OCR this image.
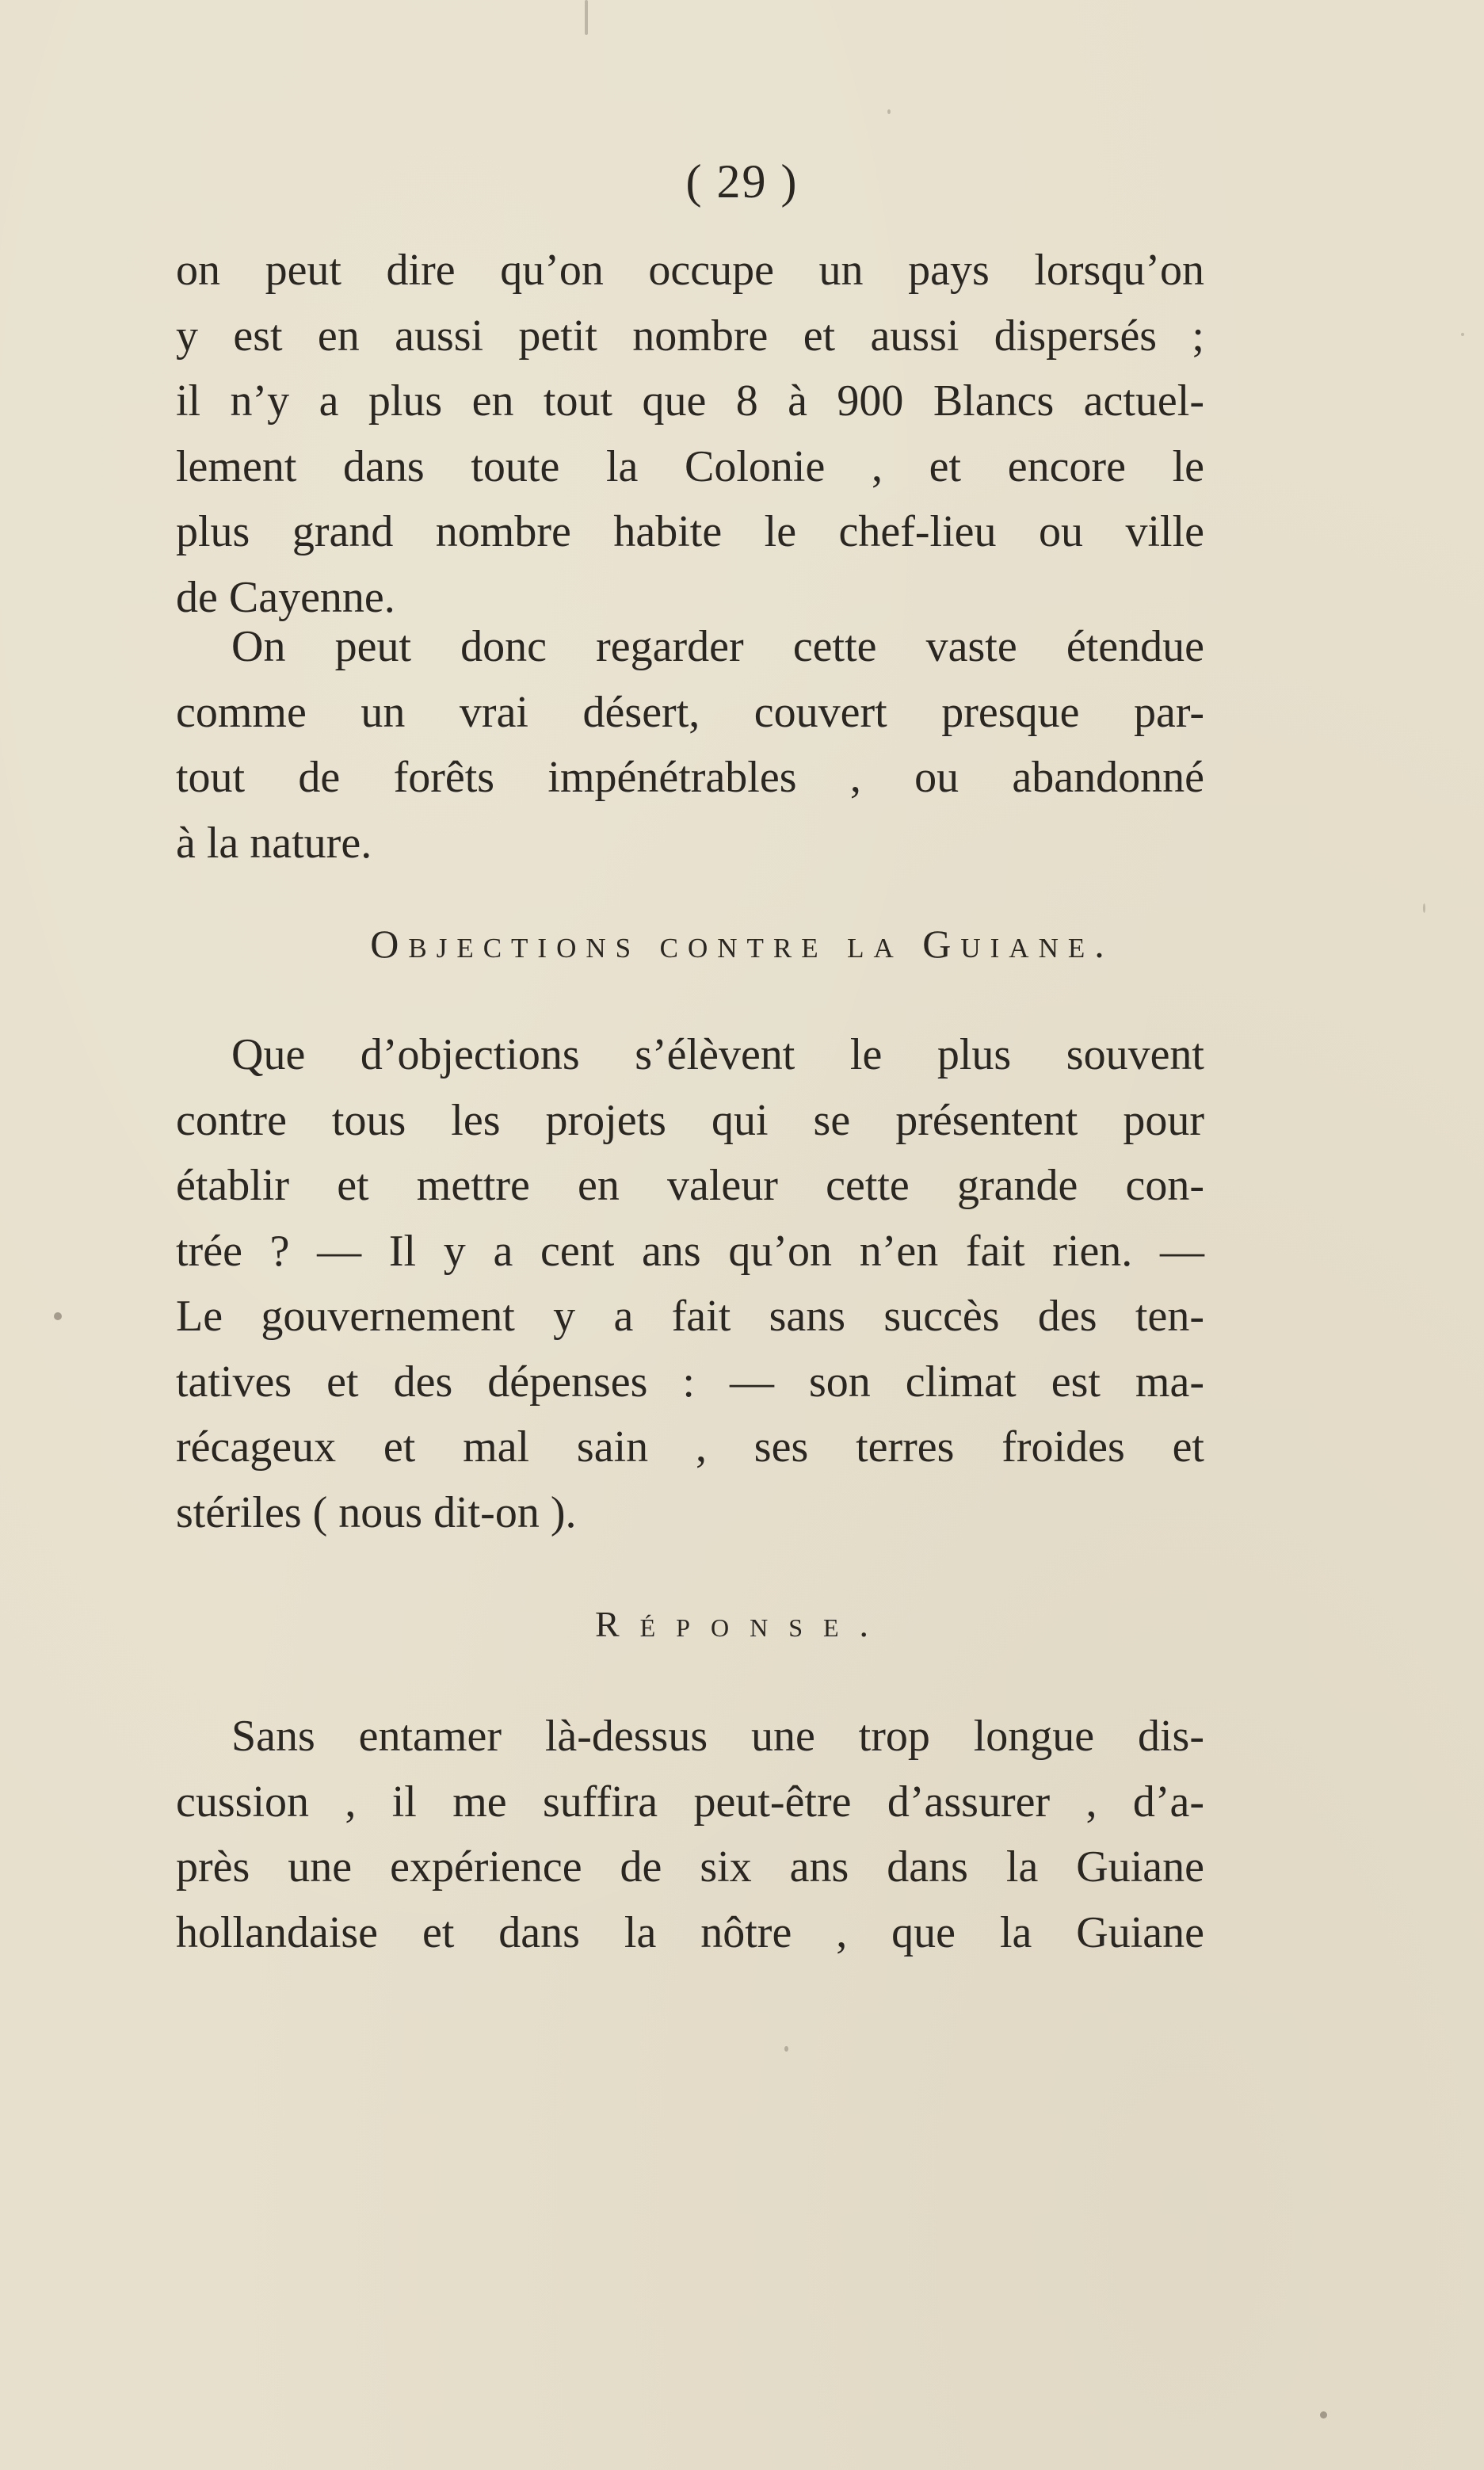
( 29 )
on peut dire qu’on occupe un pays lorsqu’on
y est en aussi petit nombre et aussi dispersés ;
il n’y a plus en tout que 8 à 900 Blancs actuel-
lement dans toute la Colonie , et encore le
plus grand nombre habite le chef-lieu ou ville
de Cayenne.
On peut donc regarder cette vaste étendue
comme un vrai désert, couvert presque par-
tout de forêts impénétrables , ou abandonné
à la nature.
Objections contre la Guiane.
Que d’objections s’élèvent le plus souvent
contre tous les projets qui se présentent pour
établir et mettre en valeur cette grande con-
trée ? — Il y a cent ans qu’on n’en fait rien. —
Le gouvernement y a fait sans succès des ten-
tatives et des dépenses : — son climat est ma-
récageux et mal sain , ses terres froides et
stériles ( nous dit-on ).
Réponse.
Sans entamer là-dessus une trop longue dis-
cussion , il me suffira peut-être d’assurer , d’a-
près une expérience de six ans dans la Guiane
hollandaise et dans la nôtre , que la Guiane
